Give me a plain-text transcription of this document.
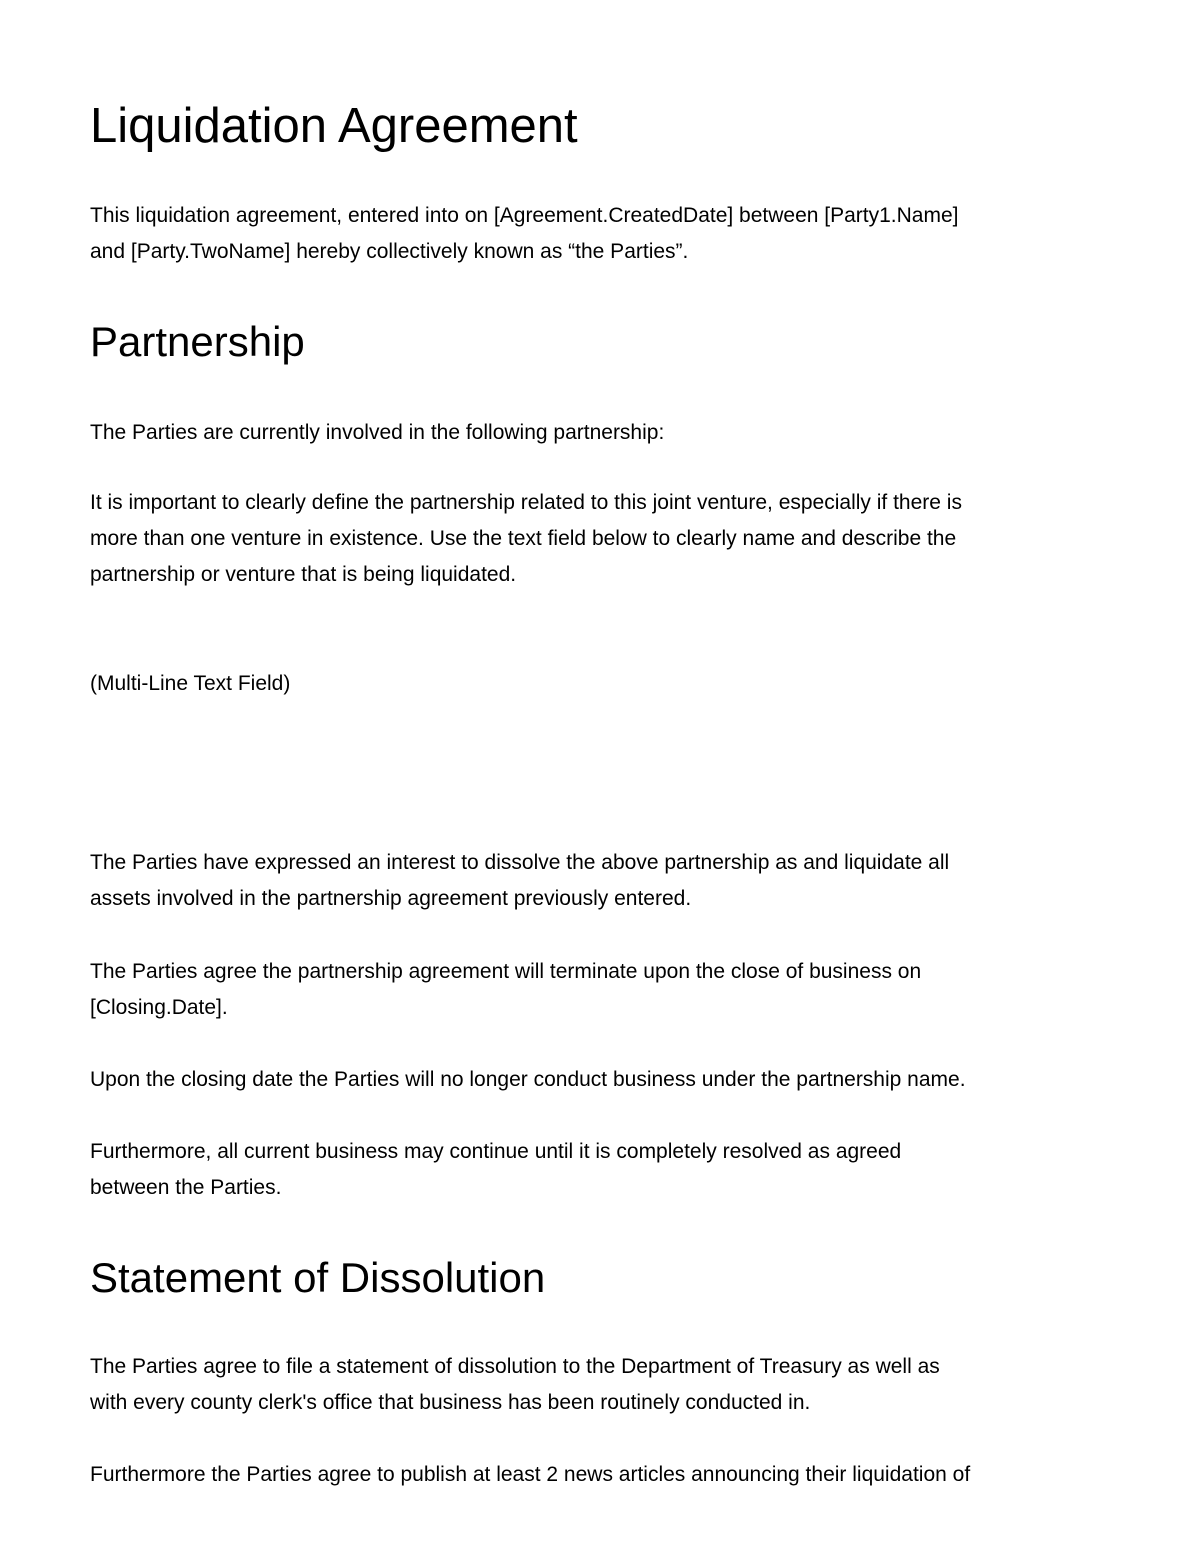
Liquidation Agreement

This liquidation agreement, entered into on [Agreement.CreatedDate] between [Party1.Name]
and [Party.TwoName] hereby collectively known as “the Parties”.

Partnership

The Parties are currently involved in the following partnership:

It is important to clearly define the partnership related to this joint venture, especially if there is
more than one venture in existence. Use the text field below to clearly name and describe the
partnership or venture that is being liquidated.

(Multi-Line Text Field)

The Parties have expressed an interest to dissolve the above partnership as and liquidate all
assets involved in the partnership agreement previously entered.

The Parties agree the partnership agreement will terminate upon the close of business on
[Closing.Date].

Upon the closing date the Parties will no longer conduct business under the partnership name.

Furthermore, all current business may continue until it is completely resolved as agreed
between the Parties.

Statement of Dissolution

The Parties agree to file a statement of dissolution to the Department of Treasury as well as
with every county clerk's office that business has been routinely conducted in.

Furthermore the Parties agree to publish at least 2 news articles announcing their liquidation of
